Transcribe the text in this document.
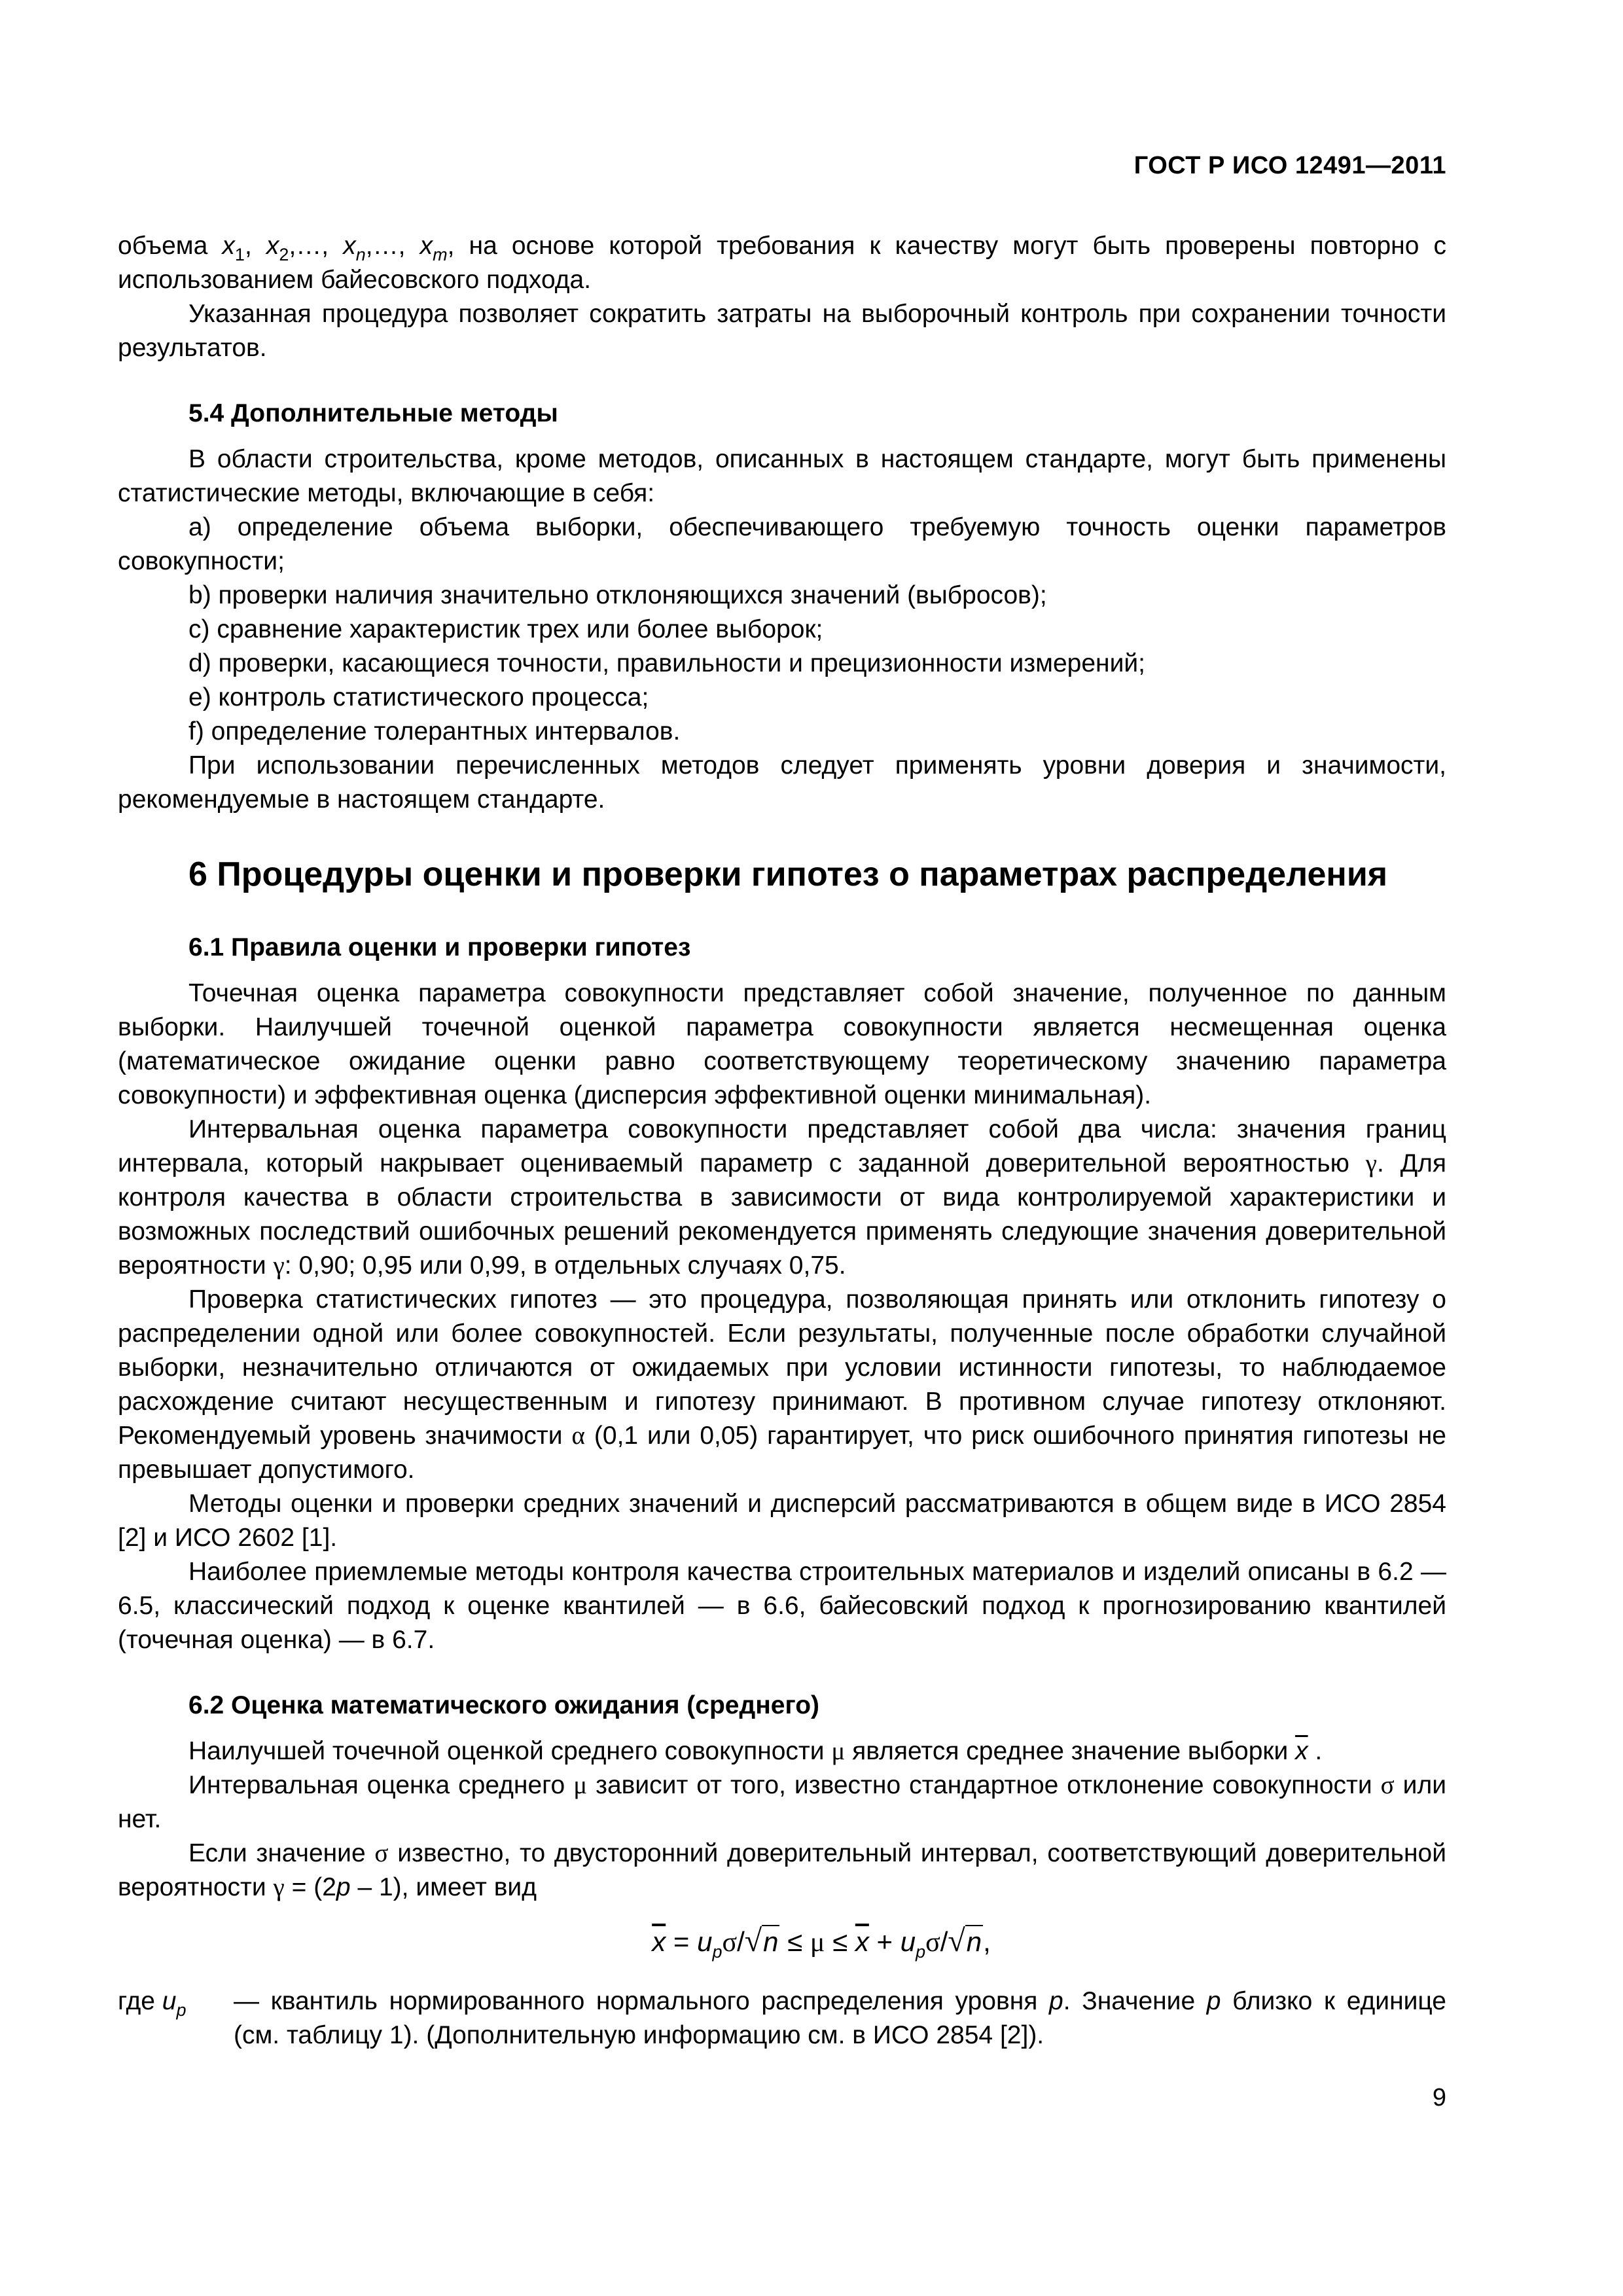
ГОСТ Р ИСО 12491—2011

объема $x_1$, $x_2,\dots$, $x_n,\dots$, $x_m$, на основе которой требования к качеству могут быть проверены повторно с использованием байесовского подхода.

Указанная процедура позволяет сократить затраты на выборочный контроль при сохранении точности результатов.

5.4 Дополнительные методы

В области строительства, кроме методов, описанных в настоящем стандарте, могут быть применены статистические методы, включающие в себя:

а) определение объема выборки, обеспечивающего требуемую точность оценки параметров совокупности;

b) проверки наличия значительно отклоняющихся значений (выбросов);

c) сравнение характеристик трех или более выборок;

d) проверки, касающиеся точности, правильности и прецизионности измерений;

e) контроль статистического процесса;

f) определение толерантных интервалов.

При использовании перечисленных методов следует применять уровни доверия и значимости, рекомендуемые в настоящем стандарте.

6 Процедуры оценки и проверки гипотез о параметрах распределения
6.1 Правила оценки и проверки гипотез

Точечная оценка параметра совокупности представляет собой значение, полученное по данным выборки. Наилучшей точечной оценкой параметра совокупности является несмещенная оценка (математическое ожидание оценки равно соответствующему теоретическому значению параметра совокупности) и эффективная оценка (дисперсия эффективной оценки минимальная).

Интервальная оценка параметра совокупности представляет собой два числа: значения границ интервала, который накрывает оцениваемый параметр с заданной доверительной вероятностью γ. Для контроля качества в области строительства в зависимости от вида контролируемой характеристики и возможных последствий ошибочных решений рекомендуется применять следующие значения доверительной вероятности γ: 0,90; 0,95 или 0,99, в отдельных случаях 0,75.

Проверка статистических гипотез — это процедура, позволяющая принять или отклонить гипотезу о распределении одной или более совокупностей. Если результаты, полученные после обработки случайной выборки, незначительно отличаются от ожидаемых при условии истинности гипотезы, то наблюдаемое расхождение считают несущественным и гипотезу принимают. В противном случае гипотезу отклоняют. Рекомендуемый уровень значимости α (0,1 или 0,05) гарантирует, что риск ошибочного принятия гипотезы не превышает допустимого.

Методы оценки и проверки средних значений и дисперсий рассматриваются в общем виде в ИСО 2854 [2] и ИСО 2602 [1].

Наиболее приемлемые методы контроля качества строительных материалов и изделий описаны в 6.2 — 6.5, классический подход к оценке квантилей — в 6.6, байесовский подход к прогнозированию квантилей (точечная оценка) — в 6.7.

6.2 Оценка математического ожидания (среднего)

Наилучшей точечной оценкой среднего совокупности μ является среднее значение выборки $\overline{x}$ .

Интервальная оценка среднего μ зависит от того, известно стандартное отклонение совокупности σ или нет.

Если значение σ известно, то двусторонний доверительный интервал, соответствующий доверительной вероятности γ = (2p – 1), имеет вид

$\overline{x} = u_p\sigma/√n \le \mu \le \overline{x} + u_p\sigma/√n$,

где $u_p$ — квантиль нормированного нормального распределения уровня p. Значение p близко к единице (см. таблицу 1). (Дополнительную информацию см. в ИСО 2854 [2]).

9
